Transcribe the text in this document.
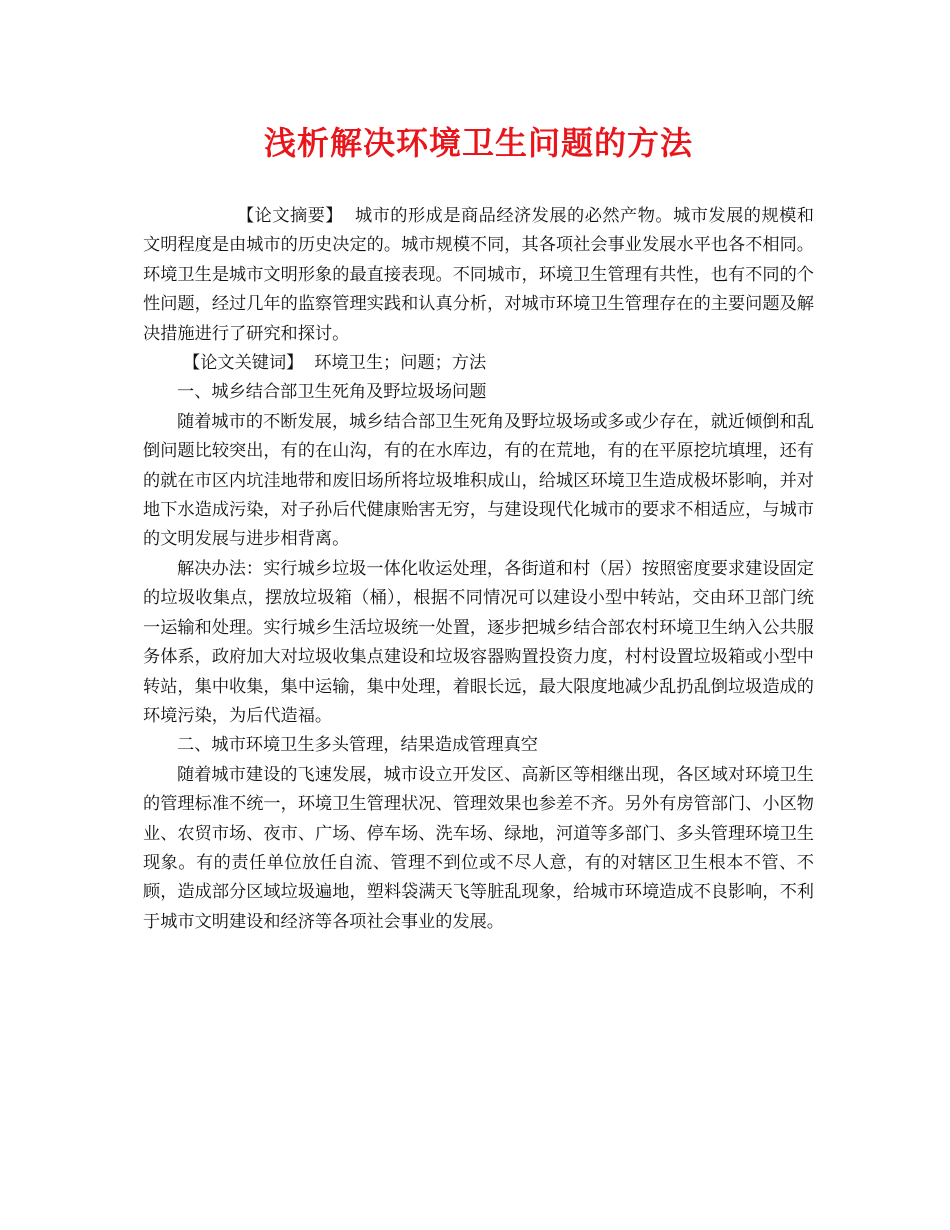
浅析解决环境卫生问题的方法

【论文摘要】 城市的形成是商品经济发展的必然产物。城市发展的规模和文明程度是由城市的历史决定的。城市规模不同，其各项社会事业发展水平也各不相同。环境卫生是城市文明形象的最直接表现。不同城市，环境卫生管理有共性，也有不同的个性问题，经过几年的监察管理实践和认真分析，对城市环境卫生管理存在的主要问题及解决措施进行了研究和探讨。

【论文关键词】 环境卫生；问题；方法

一、城乡结合部卫生死角及野垃圾场问题

随着城市的不断发展，城乡结合部卫生死角及野垃圾场或多或少存在，就近倾倒和乱倒问题比较突出，有的在山沟，有的在水库边，有的在荒地，有的在平原挖坑填埋，还有的就在市区内坑洼地带和废旧场所将垃圾堆积成山，给城区环境卫生造成极坏影响，并对地下水造成污染，对子孙后代健康贻害无穷，与建设现代化城市的要求不相适应，与城市的文明发展与进步相背离。

解决办法：实行城乡垃圾一体化收运处理，各街道和村（居）按照密度要求建设固定的垃圾收集点，摆放垃圾箱（桶），根据不同情况可以建设小型中转站，交由环卫部门统一运输和处理。实行城乡生活垃圾统一处置，逐步把城乡结合部农村环境卫生纳入公共服务体系，政府加大对垃圾收集点建设和垃圾容器购置投资力度，村村设置垃圾箱或小型中转站，集中收集，集中运输，集中处理，着眼长远，最大限度地减少乱扔乱倒垃圾造成的环境污染，为后代造福。

二、城市环境卫生多头管理，结果造成管理真空

随着城市建设的飞速发展，城市设立开发区、高新区等相继出现，各区域对环境卫生的管理标准不统一，环境卫生管理状况、管理效果也参差不齐。另外有房管部门、小区物业、农贸市场、夜市、广场、停车场、洗车场、绿地，河道等多部门、多头管理环境卫生现象。有的责任单位放任自流、管理不到位或不尽人意，有的对辖区卫生根本不管、不顾，造成部分区域垃圾遍地，塑料袋满天飞等脏乱现象，给城市环境造成不良影响，不利于城市文明建设和经济等各项社会事业的发展。
